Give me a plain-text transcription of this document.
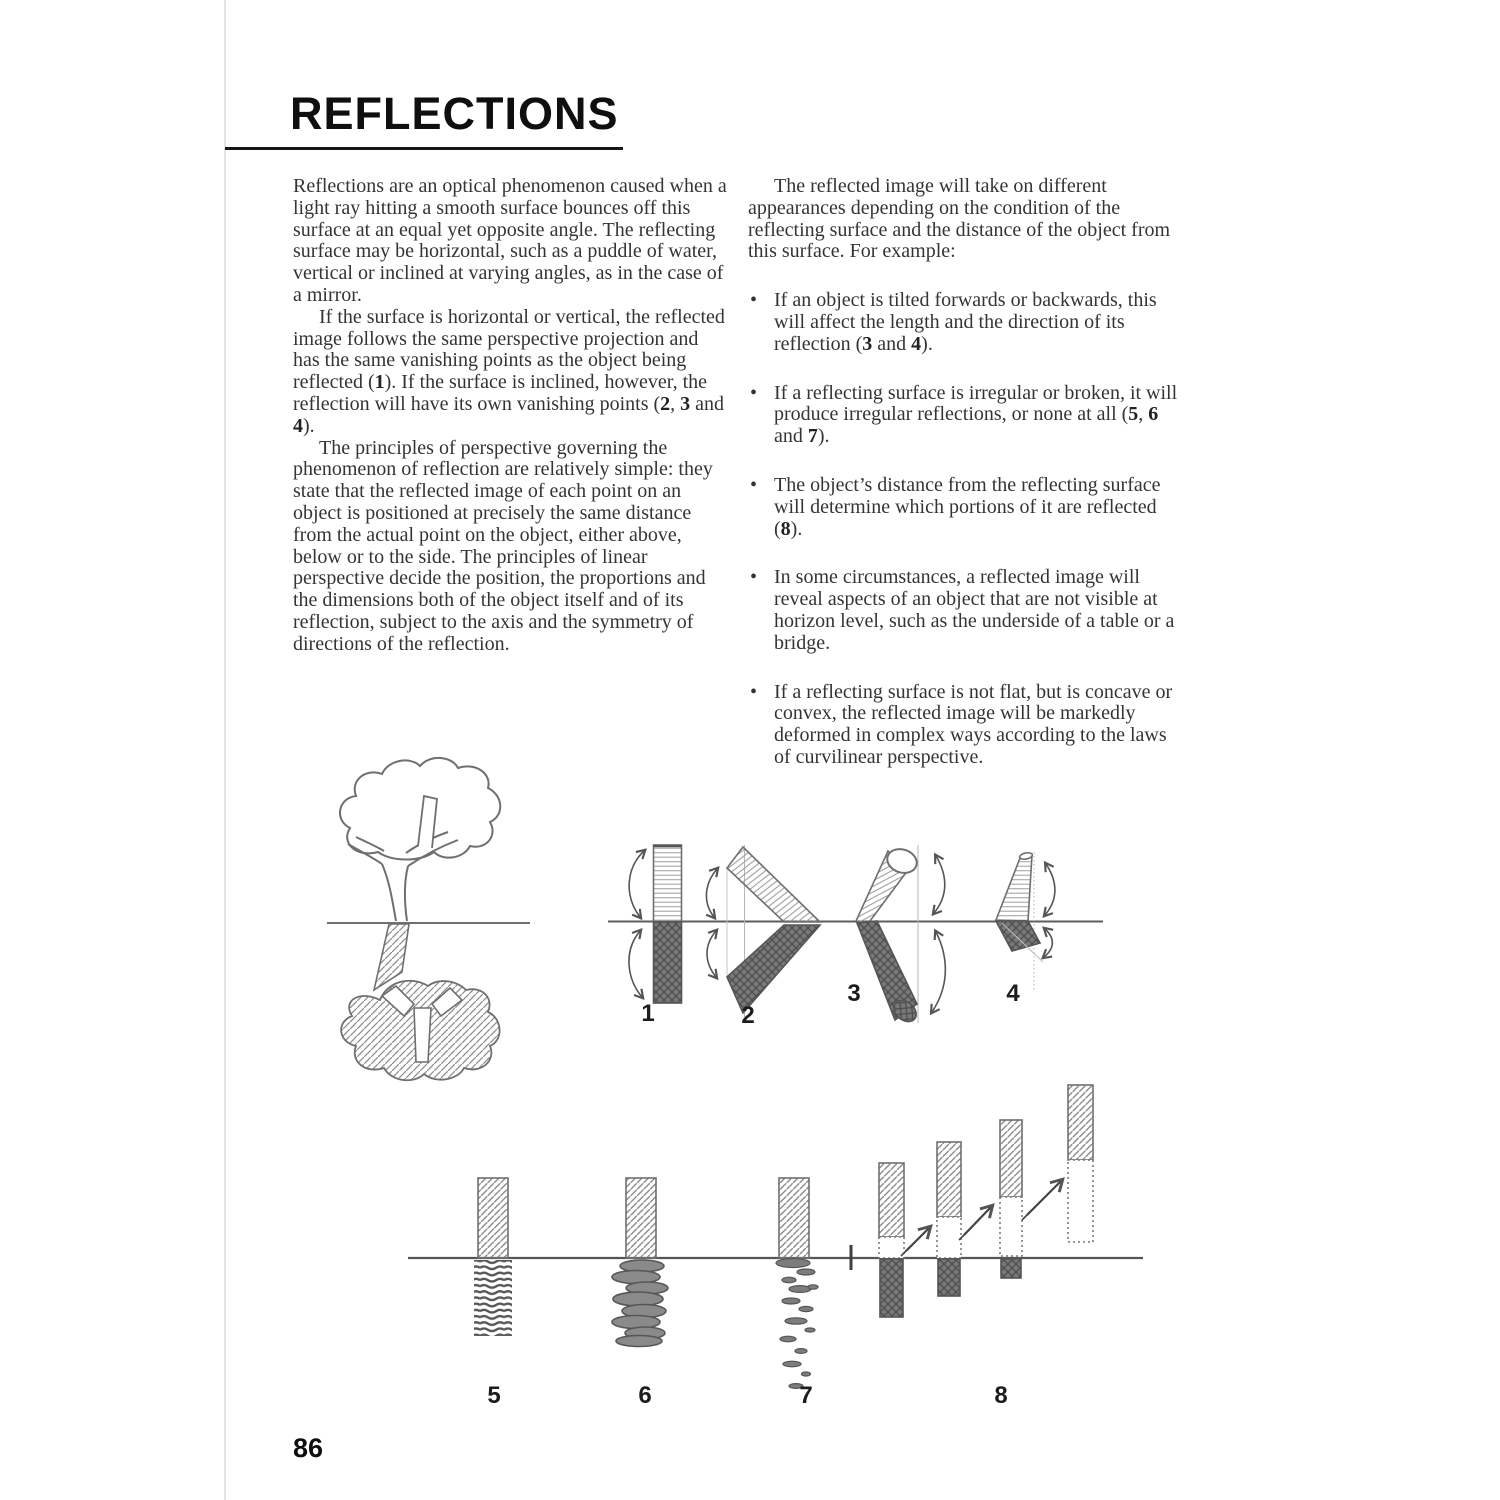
REFLECTIONS

Reflections are an optical phenomenon caused when a light ray hitting a smooth surface bounces off this surface at an equal yet opposite angle. The reflecting surface may be horizontal, such as a puddle of water, vertical or inclined at varying angles, as in the case of a mirror.

If the surface is horizontal or vertical, the reflected image follows the same perspective projection and has the same vanishing points as the object being reflected (1). If the surface is inclined, however, the reflection will have its own vanishing points (2, 3 and 4).

The principles of perspective governing the phenomenon of reflection are relatively simple: they state that the reflected image of each point on an object is positioned at precisely the same distance from the actual point on the object, either above, below or to the side. The principles of linear perspective decide the position, the proportions and the dimensions both of the object itself and of its reflection, subject to the axis and the symmetry of directions of the reflection.

The reflected image will take on different appearances depending on the condition of the reflecting surface and the distance of the object from this surface. For example:

• If an object is tilted forwards or backwards, this will affect the length and the direction of its reflection (3 and 4).
• If a reflecting surface is irregular or broken, it will produce irregular reflections, or none at all (5, 6 and 7).
• The object’s distance from the reflecting surface will determine which portions of it are reflected (8).
• In some circumstances, a reflected image will reveal aspects of an object that are not visible at horizon level, such as the underside of a table or a bridge.
• If a reflecting surface is not flat, but is concave or convex, the reflected image will be markedly deformed in complex ways according to the laws of curvilinear perspective.
1	2
3	4
5	6	7	8
86
